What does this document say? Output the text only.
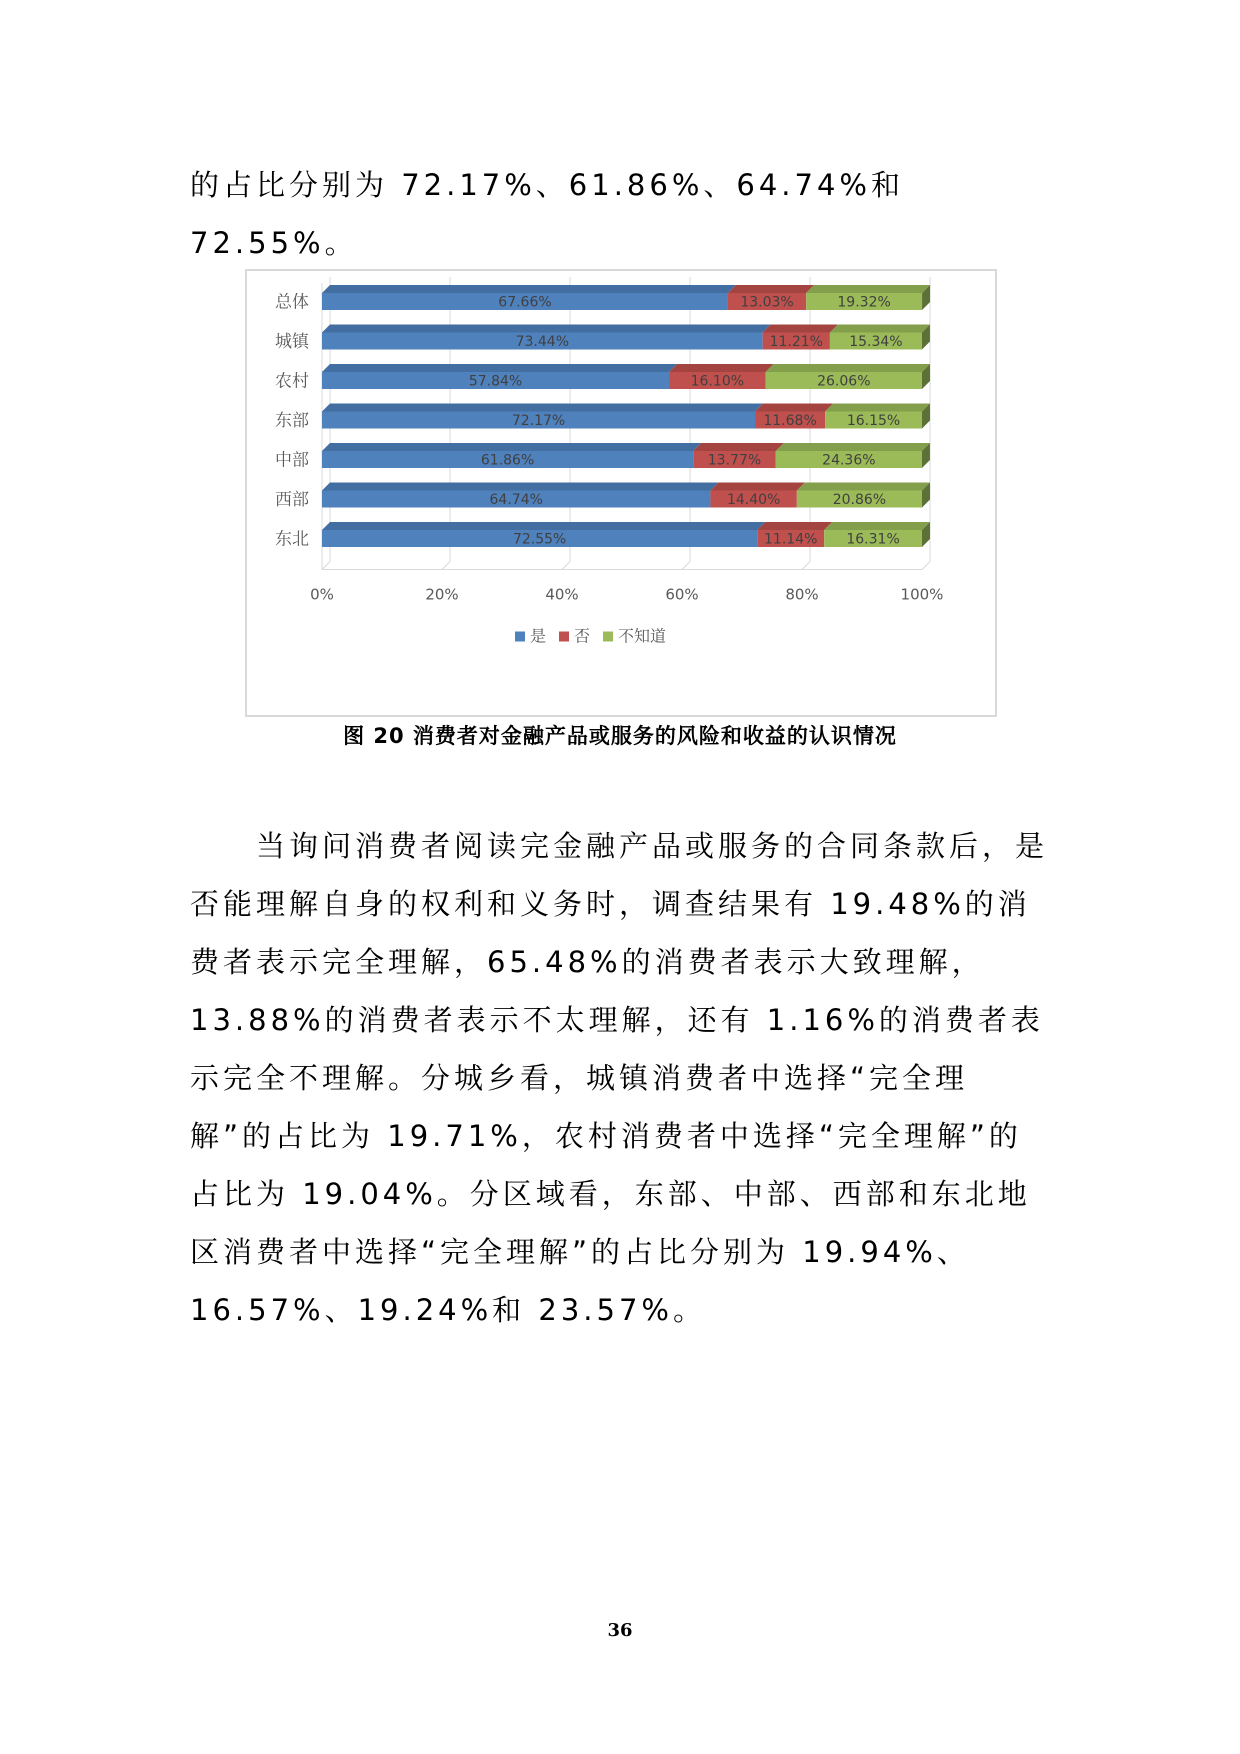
的占比分别为 72.17%、61.86%、64.74%和 72.55%。

0%	20%	40%	60%	80%	100%
总体	67.66%	13.03%	19.32%
城镇	73.44%	11.21% 15.34%
农村	57.84%	16.10%	26.06%
东部	72.17%	11.68% 16.15%
中部	61.86%	13.77%	24.36%
西部	64.74%	14.40%	20.86%
东北	72.55%	11.14% 16.31%
是 否 不知道
图 20 消费者对金融产品或服务的风险和收益的认识情况

当询问消费者阅读完金融产品或服务的合同条款后，是否能理解自身的权利和义务时，调查结果有 19.48%的消费者表示完全理解，65.48%的消费者表示大致理解，13.88%的消费者表示不太理解，还有 1.16%的消费者表示完全不理解。分城乡看，城镇消费者中选择“完全理解”的占比为 19.71%，农村消费者中选择“完全理解”的占比为 19.04%。分区域看，东部、中部、西部和东北地区消费者中选择“完全理解”的占比分别为 19.94%、16.57%、19.24%和 23.57%。

36
